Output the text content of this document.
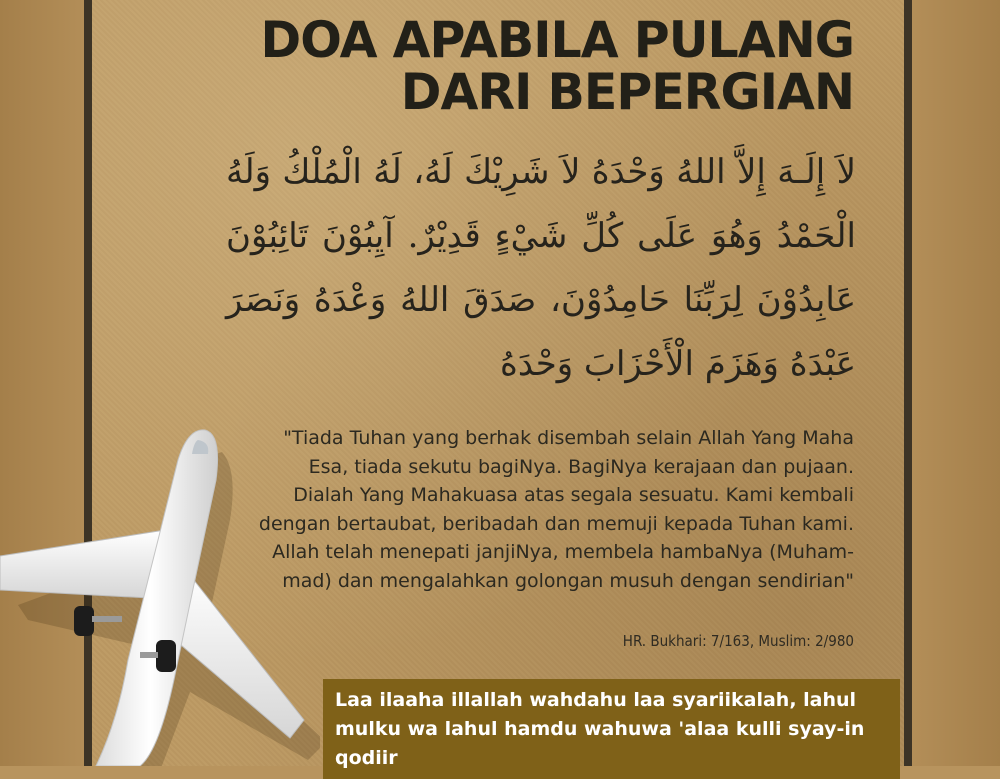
DOA APABILA PULANG DARI BEPERGIAN

لاَ إِلَـهَ إِلاَّ اللهُ وَحْدَهُ لاَ شَرِيْكَ لَهُ، لَهُ الْمُلْكُ وَلَهُ الْحَمْدُ وَهُوَ عَلَى كُلِّ شَيْءٍ قَدِيْرٌ. آيِبُوْنَ تَائِبُوْنَ عَابِدُوْنَ لِرَبِّنَا حَامِدُوْنَ، صَدَقَ اللهُ وَعْدَهُ وَنَصَرَ عَبْدَهُ وَهَزَمَ الْأَحْزَابَ وَحْدَهُ

"Tiada Tuhan yang berhak disembah selain Allah Yang Maha Esa, tiada sekutu bagiNya. BagiNya kerajaan dan pujaan. Dialah Yang Mahakuasa atas segala sesuatu. Kami kembali dengan bertaubat, beribadah dan memuji kepada Tuhan kami. Allah telah menepati janjiNya, membela hambaNya (Muham-mad) dan mengalahkan golongan musuh dengan sendirian"

HR. Bukhari: 7/163, Muslim: 2/980

Laa ilaaha illallah wahdahu laa syariikalah, lahul mulku wa lahul hamdu wahuwa 'alaa kulli syay-in qodiir
